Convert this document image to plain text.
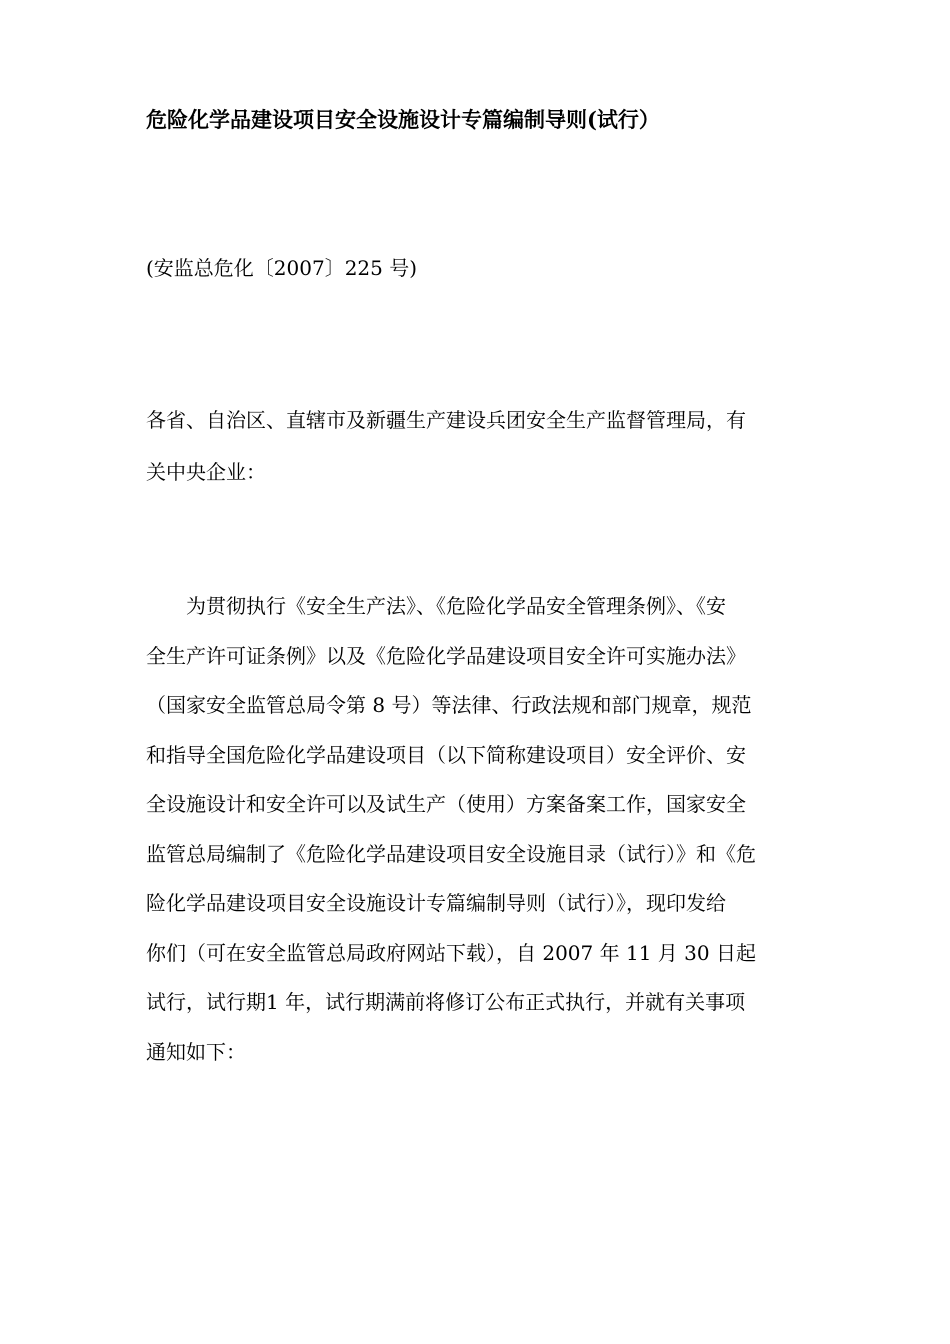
危险化学品建设项目安全设施设计专篇编制导则(试行）

(安监总危化〔2007〕225 号)

各省、自治区、直辖市及新疆生产建设兵团安全生产监督管理局，有
关中央企业：

　　为贯彻执行《安全生产法》、《危险化学品安全管理条例》、《安
全生产许可证条例》以及《危险化学品建设项目安全许可实施办法》
（国家安全监管总局令第 8 号）等法律、行政法规和部门规章，规范
和指导全国危险化学品建设项目（以下简称建设项目）安全评价、安
全设施设计和安全许可以及试生产（使用）方案备案工作，国家安全
监管总局编制了《危险化学品建设项目安全设施目录（试行）》和《危
险化学品建设项目安全设施设计专篇编制导则（试行）》，现印发给
你们（可在安全监管总局政府网站下载），自 2007 年 11 月 30 日起
试行，试行期1 年，试行期满前将修订公布正式执行，并就有关事项
通知如下：
